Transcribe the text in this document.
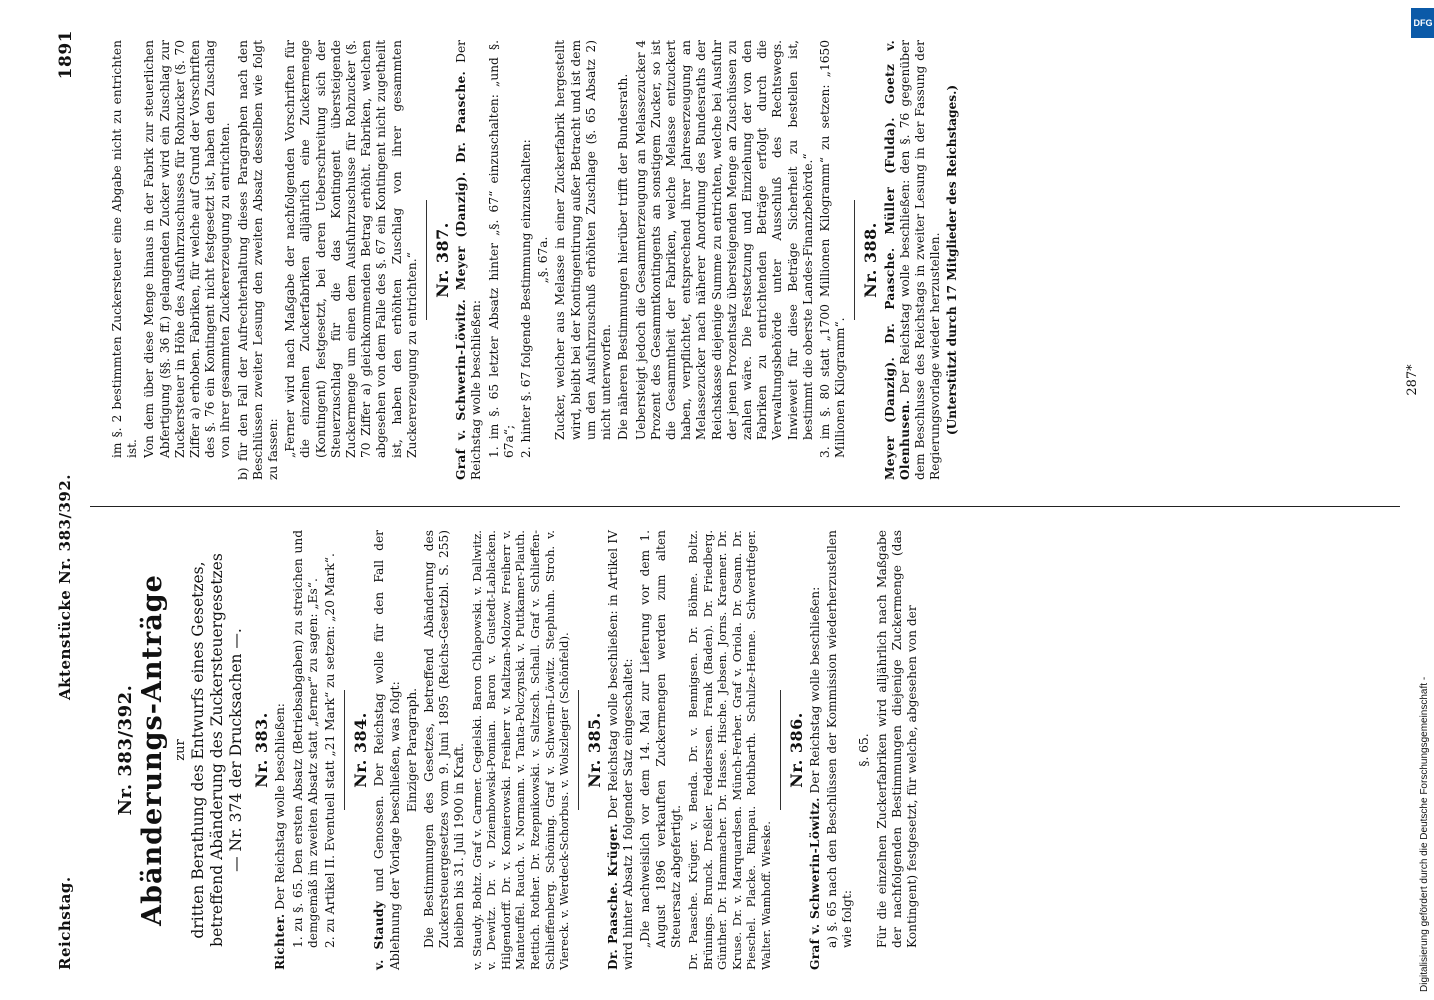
Reichstag.
Aktenstücke Nr. 383/392.
1891
Nr. 383/392. Abänderungs-Anträge zur dritten Berathung des Entwurfs eines Gesetzes, betreffend Abänderung des Zuckersteuergesetzes — Nr. 374 der Drucksachen —. Nr. 383.

Richter. Der Reichstag wolle beschließen: 1. zu §. 65. Den ersten Absatz (Betriebsabgaben) zu streichen und demgemäß im zweiten Absatz statt „ferner“ zu sagen: „Es“. 2. zu Artikel II. Eventuell statt „21 Mark“ zu setzen: „20 Mark“. Nr. 384.

v. Staudy und Genossen. Der Reichstag wolle für den Fall der Ablehnung der Vorlage beschließen, was folgt: Einziger Paragraph. Die Bestimmungen des Gesetzes, betreffend Abänderung des Zuckersteuergesetzes vom 9. Juni 1895 (Reichs-Gesetzbl. S. 255) bleiben bis 31. Juli 1900 in Kraft. v. Staudy. Bohtz. Graf v. Carmer. Cegielski. Baron Chlapowski. v. Dallwitz. v. Dewitz. Dr. v. Dziembowski-Pomian. Baron v. Gustedt-Lablacken. Hilgendorff. Dr. v. Komierowski. Freiherr v. Maltzan-Molzow. Freiherr v. Manteuffel. Rauch. v. Normann. v. Tanta-Polczynski. v. Puttkamer-Plauth. Rettich. Rother. Dr. Rzepnikowski. v. Saltzsch. Schall. Graf v. Schlieffen-Schlieffenberg. Schöning. Graf v. Schwerin-Löwitz. Stephuhn. Stroh. v. Viereck. v. Werdeck-Schorbus. v. Wolszlegier (Schönfeld). Nr. 385.

Dr. Paasche. Krüger. Der Reichstag wolle beschließen: in Artikel IV wird hinter Absatz 1 folgender Satz eingeschaltet: „Die nachweislich vor dem 14. Mai zur Lieferung vor dem 1. August 1896 verkauften Zuckermengen werden zum alten Steuersatz abgefertigt. Dr. Paasche. Krüger. v. Benda. Dr. v. Bennigsen. Dr. Böhme. Boltz. Brünings. Brunck. Dreßler. Fedderssen. Frank (Baden). Dr. Friedberg. Günther. Dr. Hammacher. Dr. Hasse. Hische. Jebsen. Jorns. Kraemer. Dr. Kruse. Dr. v. Marquardsen. Münch-Ferber. Graf v. Oriola. Dr. Osann. Dr. Pieschel. Placke. Rimpau. Rothbarth. Schulze-Henne. Schwerdtfeger. Walter. Wamhoff. Wieske.

Nr. 386.

Graf v. Schwerin-Löwitz. Der Reichstag wolle beschließen: a) §. 65 nach den Beschlüssen der Kommission wiederherzustellen wie folgt:

§. 65. Für die einzelnen Zuckerfabriken wird alljährlich nach Maßgabe der nachfolgenden Bestimmungen diejenige Zuckermenge (das Kontingent) festgesetzt, für welche, abgesehen von der

im §. 2 bestimmten Zuckersteuer eine Abgabe nicht zu entrichten ist. Von dem über diese Menge hinaus in der Fabrik zur steuerlichen Abfertigung (§§. 36 ff.) gelangenden Zucker wird ein Zuschlag zur Zuckersteuer in Höhe des Ausfuhrzuschusses für Rohzucker (§. 70 Ziffer a) erhoben. Fabriken, für welche auf Grund der Vorschriften des §. 76 ein Kontingent nicht festgesetzt ist, haben den Zuschlag von ihrer gesammten Zuckererzeugung zu entrichten. b) für den Fall der Aufrechterhaltung dieses Paragraphen nach den Beschlüssen zweiter Lesung den zweiten Absatz desselben wie folgt zu fassen: „Ferner wird nach Maßgabe der nachfolgenden Vorschriften für die einzelnen Zuckerfabriken alljährlich eine Zuckermenge (Kontingent) festgesetzt, bei deren Ueberschreitung sich der Steuerzuschlag für die das Kontingent übersteigende Zuckermenge um einen dem Ausfuhrzuschusse für Rohzucker (§. 70 Ziffer a) gleichkommenden Betrag erhöht. Fabriken, welchen abgesehen von dem Falle des §. 67 ein Kontingent nicht zugetheilt ist, haben den erhöhten Zuschlag von ihrer gesammten Zuckererzeugung zu entrichten.“ Nr. 387. Graf v. Schwerin-Löwitz. Meyer (Danzig). Dr. Paasche. Der Reichstag wolle beschließen: 1. im §. 65 letzter Absatz hinter „§. 67“ einzuschalten: „und §. 67a“; 2. hinter §. 67 folgende Bestimmung einzuschalten: „§. 67a. Zucker, welcher aus Melasse in einer Zuckerfabrik hergestellt wird, bleibt bei der Kontingentirung außer Betracht und ist dem um den Ausfuhrzuschuß erhöhten Zuschlage (§. 65 Absatz 2) nicht unterworfen. Die näheren Bestimmungen hierüber trifft der Bundesrath. Uebersteigt jedoch die Gesammterzeugung an Melassezucker 4 Prozent des Gesammtkontingents an sonstigem Zucker, so ist die Gesammtheit der Fabriken, welche Melasse entzuckert haben, verpflichtet, entsprechend ihrer Jahreserzeugung an Melassezucker nach näherer Anordnung des Bundesraths der Reichskasse diejenige Summe zu entrichten, welche bei Ausfuhr der jenen Prozentsatz übersteigenden Menge an Zuschüssen zu zahlen wäre. Die Festsetzung und Einziehung der von den Fabriken zu entrichtenden Beträge erfolgt durch die Verwaltungsbehörde unter Ausschluß des Rechtswegs. Inwieweit für diese Beträge Sicherheit zu bestellen ist, bestimmt die oberste Landes-Finanzbehörde.“ 3. im §. 80 statt „1700 Millionen Kilogramm“ zu setzen: „1650 Millionen Kilogramm“.

Nr. 388. Meyer (Danzig). Dr. Paasche. Müller (Fulda). Goetz v. Olenhusen. Der Reichstag wolle beschließen: den §. 76 gegenüber dem Beschlusse des Reichstags in zweiter Lesung in der Fassung der Regierungsvorlage wieder herzustellen. (Unterstützt durch 17 Mitglieder des Reichstages.)	287*
DFG
Digitalisierung gefördert durch die Deutsche Forschungsgemeinschaft -
